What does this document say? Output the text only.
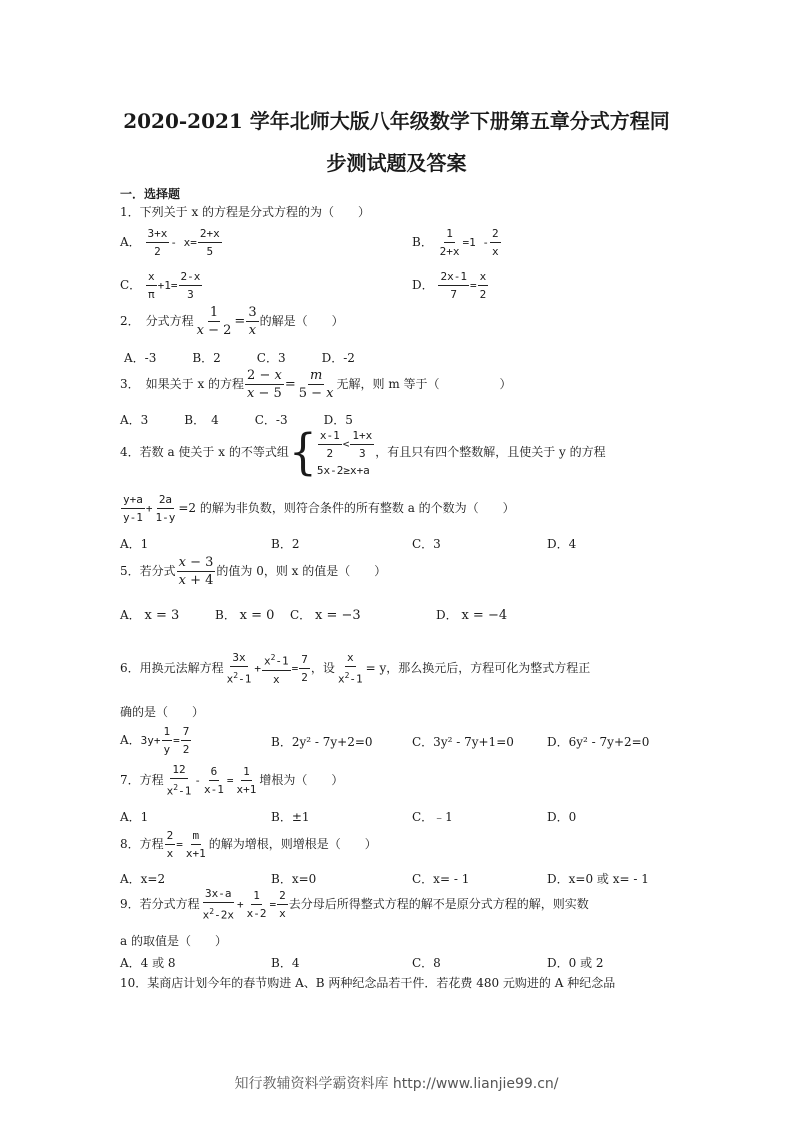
2020-2021 学年北师大版八年级数学下册第五章分式方程同
步测试题及答案
一．选择题
1．下列关于 x 的方程是分式方程的为（　　）
A． $\frac{3+x}{2} - x= \frac{2+x}{5}$	B． $\frac{1}{2+x} =1 - \frac{2}{x}$
C． $\frac{x}{\pi} +1= \frac{2-x}{3}$	D． $\frac{2x-1}{7} = \frac{x}{2}$
2．　分式方程 $\frac{1}{x - 2} = \frac{3}{x}$ 的解是（　　）
A．-3　　　B．2　　　C．3　　　D．-2
3．　如果关于 x 的方程 $\frac{2 - x}{x - 5} = \frac{m}{5 - x}$ 无解，则 m 等于（　　　　　）
A．3　　　B．　4　　　C．-3　　　D．5
4．若数 a 使关于 x 的不等式组{ $\frac{x-1}{2} < \frac{1+x}{3}$
5x-2≥x+a
，有且只有四个整数解，且使关于 y 的方程
$\frac{y+a}{y-1} + \frac{2a}{1-y} =2$ 的解为非负数，则符合条件的所有整数 a 的个数为（　　）
A．1	B．2	C．3	D．4
5．若分式 $\frac{x - 3}{x + 4}$ 的值为 0，则 x 的值是（　　）
A． x = 3	B． x = 0 C． x = −3	D． x = −4
6．用换元法解方程 $\frac{3x}{x^2-1} + \frac{x^2-1}{x} = \frac{7}{2}$ ，设 $\frac{x}{x^2-1} = y$，那么换元后，方程可化为整式方程正
确的是（　　）
A．$3y+ \frac{1}{y} = \frac{7}{2}$	B．2y² - 7y+2=0	C．3y² - 7y+1=0	D．6y² - 7y+2=0
7．方程 $\frac{12}{x^2-1} - \frac{6}{x-1} = \frac{1}{x+1}$ 增根为（　　）
A．1	B．±1	C．﹣1	D．0
8．方程 $\frac{2}{x} = \frac{m}{x+1}$ 的解为增根，则增根是（　　）
A．x=2	B．x=0	C．x= - 1	D．x=0 或 x= - 1
9．若分式方程 $\frac{3x-a}{x^2-2x} + \frac{1}{x-2} = \frac{2}{x}$ 去分母后所得整式方程的解不是原分式方程的解，则实数
a 的取值是（　　）
A．4 或 8	B．4	C．8	D．0 或 2
10．某商店计划今年的春节购进 A、B 两种纪念品若干件．若花费 480 元购进的 A 种纪念品
知行教辅资料学霸资料库 http://www.lianjie99.cn/
